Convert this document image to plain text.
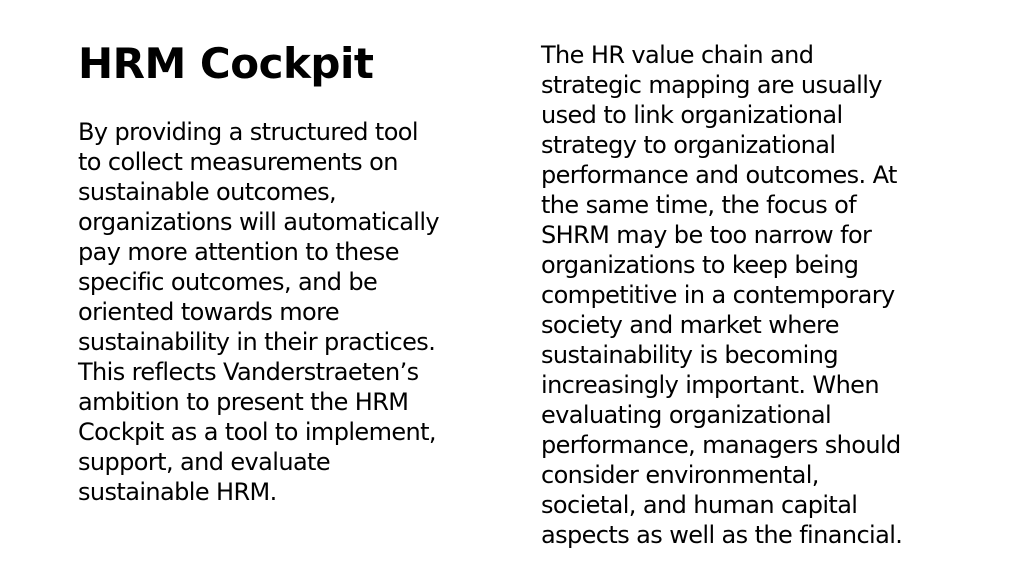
HRM Cockpit

By providing a structured tool
to collect measurements on
sustainable outcomes,
organizations will automatically
pay more attention to these
specific outcomes, and be
oriented towards more
sustainability in their practices.
This reflects Vanderstraeten’s
ambition to present the HRM
Cockpit as a tool to implement,
support, and evaluate
sustainable HRM.

The HR value chain and
strategic mapping are usually
used to link organizational
strategy to organizational
performance and outcomes. At
the same time, the focus of
SHRM may be too narrow for
organizations to keep being
competitive in a contemporary
society and market where
sustainability is becoming
increasingly important. When
evaluating organizational
performance, managers should
consider environmental,
societal, and human capital
aspects as well as the financial.
